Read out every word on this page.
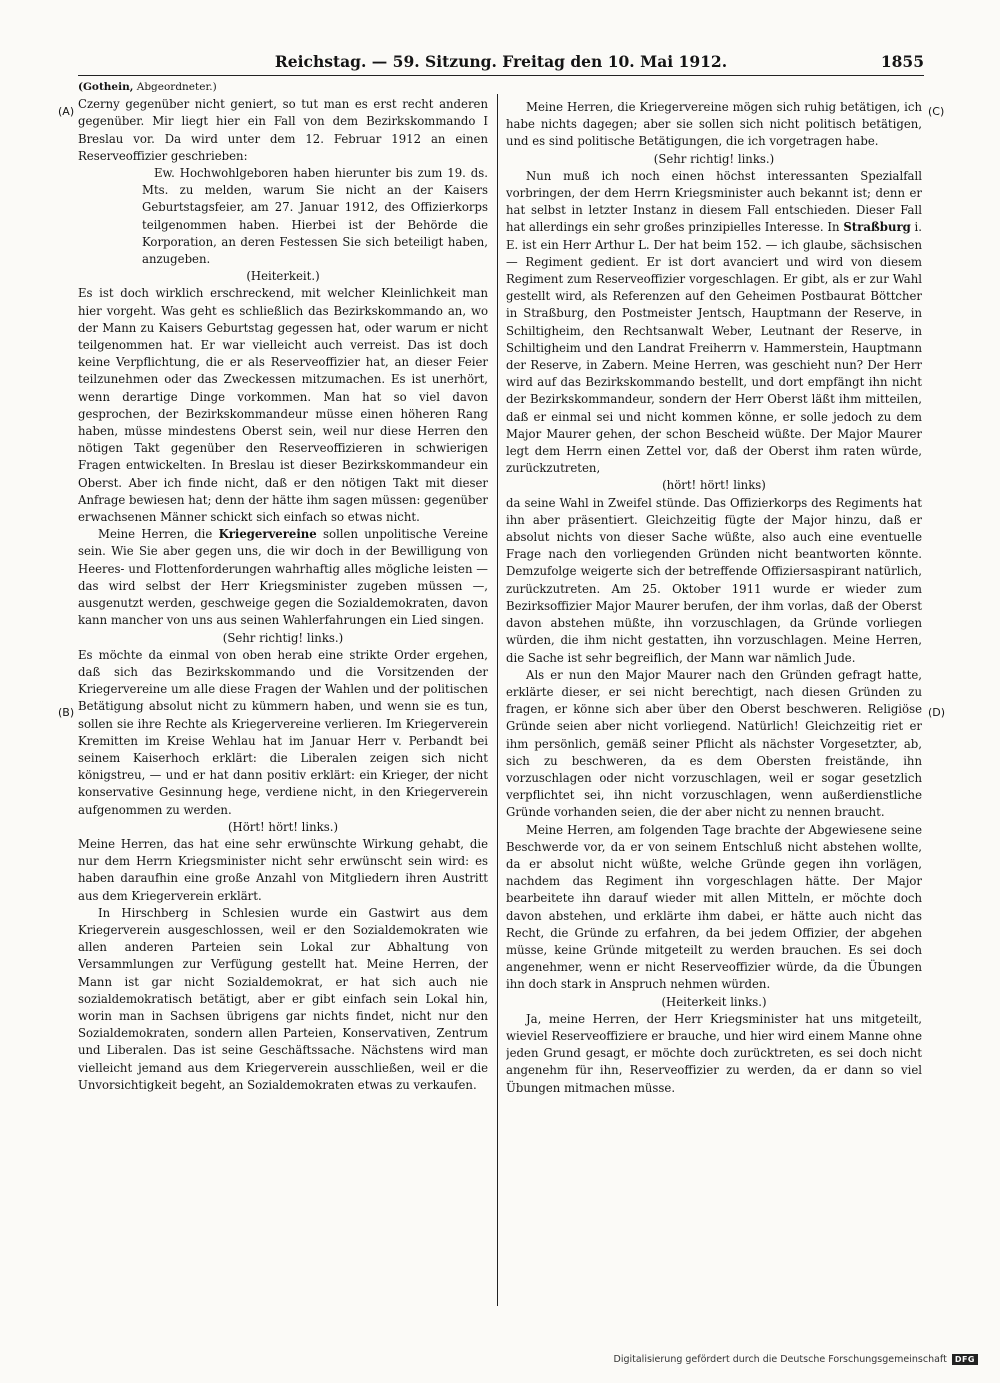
Reichstag. — 59. Sitzung. Freitag den 10. Mai 1912.	1855
(A)
(B)
(C)
(D)

(Gothein, Abgeordneter.)

Czerny gegenüber nicht geniert, so tut man es erst recht anderen gegenüber. Mir liegt hier ein Fall von dem Bezirkskommando I Breslau vor. Da wird unter dem 12. Februar 1912 an einen Reserveoffizier geschrieben:

Ew. Hochwohlgeboren haben hierunter bis zum 19. ds. Mts. zu melden, warum Sie nicht an der Kaisers Geburtstagsfeier, am 27. Januar 1912, des Offizierkorps teilgenommen haben. Hierbei ist der Behörde die Korporation, an deren Festessen Sie sich beteiligt haben, anzugeben.

(Heiterkeit.)

Es ist doch wirklich erschreckend, mit welcher Kleinlichkeit man hier vorgeht. Was geht es schließlich das Bezirkskommando an, wo der Mann zu Kaisers Geburtstag gegessen hat, oder warum er nicht teilgenommen hat. Er war vielleicht auch verreist. Das ist doch keine Verpflichtung, die er als Reserveoffizier hat, an dieser Feier teilzunehmen oder das Zweckessen mitzumachen. Es ist unerhört, wenn derartige Dinge vorkommen. Man hat so viel davon gesprochen, der Bezirkskommandeur müsse einen höheren Rang haben, müsse mindestens Oberst sein, weil nur diese Herren den nötigen Takt gegenüber den Reserveoffizieren in schwierigen Fragen entwickelten. In Breslau ist dieser Bezirkskommandeur ein Oberst. Aber ich finde nicht, daß er den nötigen Takt mit dieser Anfrage bewiesen hat; denn der hätte ihm sagen müssen: gegenüber erwachsenen Männer schickt sich einfach so etwas nicht.

Meine Herren, die Kriegervereine sollen unpolitische Vereine sein. Wie Sie aber gegen uns, die wir doch in der Bewilligung von Heeres- und Flottenforderungen wahrhaftig alles mögliche leisten — das wird selbst der Herr Kriegsminister zugeben müssen —, ausgenutzt werden, geschweige gegen die Sozialdemokraten, davon kann mancher von uns aus seinen Wahlerfahrungen ein Lied singen.

(Sehr richtig! links.)

Es möchte da einmal von oben herab eine strikte Order ergehen, daß sich das Bezirkskommando und die Vorsitzenden der Kriegervereine um alle diese Fragen der Wahlen und der politischen Betätigung absolut nicht zu kümmern haben, und wenn sie es tun, sollen sie ihre Rechte als Kriegervereine verlieren. Im Kriegerverein Kremitten im Kreise Wehlau hat im Januar Herr v. Perbandt bei seinem Kaiserhoch erklärt: die Liberalen zeigen sich nicht königstreu, — und er hat dann positiv erklärt: ein Krieger, der nicht konservative Gesinnung hege, verdiene nicht, in den Kriegerverein aufgenommen zu werden.

(Hört! hört! links.)

Meine Herren, das hat eine sehr erwünschte Wirkung gehabt, die nur dem Herrn Kriegsminister nicht sehr erwünscht sein wird: es haben daraufhin eine große Anzahl von Mitgliedern ihren Austritt aus dem Kriegerverein erklärt.

In Hirschberg in Schlesien wurde ein Gastwirt aus dem Kriegerverein ausgeschlossen, weil er den Sozialdemokraten wie allen anderen Parteien sein Lokal zur Abhaltung von Versammlungen zur Verfügung gestellt hat. Meine Herren, der Mann ist gar nicht Sozialdemokrat, er hat sich auch nie sozialdemokratisch betätigt, aber er gibt einfach sein Lokal hin, worin man in Sachsen übrigens gar nichts findet, nicht nur den Sozialdemokraten, sondern allen Parteien, Konservativen, Zentrum und Liberalen. Das ist seine Geschäftssache. Nächstens wird man vielleicht jemand aus dem Kriegerverein ausschließen, weil er die Unvorsichtigkeit begeht, an Sozialdemokraten etwas zu verkaufen.

Meine Herren, die Kriegervereine mögen sich ruhig betätigen, ich habe nichts dagegen; aber sie sollen sich nicht politisch betätigen, und es sind politische Betätigungen, die ich vorgetragen habe.

(Sehr richtig! links.)

Nun muß ich noch einen höchst interessanten Spezialfall vorbringen, der dem Herrn Kriegsminister auch bekannt ist; denn er hat selbst in letzter Instanz in diesem Fall entschieden. Dieser Fall hat allerdings ein sehr großes prinzipielles Interesse. In Straßburg i. E. ist ein Herr Arthur L. Der hat beim 152. — ich glaube, sächsischen — Regiment gedient. Er ist dort avanciert und wird von diesem Regiment zum Reserveoffizier vorgeschlagen. Er gibt, als er zur Wahl gestellt wird, als Referenzen auf den Geheimen Postbaurat Böttcher in Straßburg, den Postmeister Jentsch, Hauptmann der Reserve, in Schiltigheim, den Rechtsanwalt Weber, Leutnant der Reserve, in Schiltigheim und den Landrat Freiherrn v. Hammerstein, Hauptmann der Reserve, in Zabern. Meine Herren, was geschieht nun? Der Herr wird auf das Bezirkskommando bestellt, und dort empfängt ihn nicht der Bezirkskommandeur, sondern der Herr Oberst läßt ihm mitteilen, daß er einmal sei und nicht kommen könne, er solle jedoch zu dem Major Maurer gehen, der schon Bescheid wüßte. Der Major Maurer legt dem Herrn einen Zettel vor, daß der Oberst ihm raten würde, zurückzutreten,

(hört! hört! links)

da seine Wahl in Zweifel stünde. Das Offizierkorps des Regiments hat ihn aber präsentiert. Gleichzeitig fügte der Major hinzu, daß er absolut nichts von dieser Sache wüßte, also auch eine eventuelle Frage nach den vorliegenden Gründen nicht beantworten könnte. Demzufolge weigerte sich der betreffende Offiziersaspirant natürlich, zurückzutreten. Am 25. Oktober 1911 wurde er wieder zum Bezirksoffizier Major Maurer berufen, der ihm vorlas, daß der Oberst davon abstehen müßte, ihn vorzuschlagen, da Gründe vorliegen würden, die ihm nicht gestatten, ihn vorzuschlagen. Meine Herren, die Sache ist sehr begreiflich, der Mann war nämlich Jude.

Als er nun den Major Maurer nach den Gründen gefragt hatte, erklärte dieser, er sei nicht berechtigt, nach diesen Gründen zu fragen, er könne sich aber über den Oberst beschweren. Religiöse Gründe seien aber nicht vorliegend. Natürlich! Gleichzeitig riet er ihm persönlich, gemäß seiner Pflicht als nächster Vorgesetzter, ab, sich zu beschweren, da es dem Obersten freistände, ihn vorzuschlagen oder nicht vorzuschlagen, weil er sogar gesetzlich verpflichtet sei, ihn nicht vorzuschlagen, wenn außerdienstliche Gründe vorhanden seien, die der aber nicht zu nennen braucht.

Meine Herren, am folgenden Tage brachte der Abgewiesene seine Beschwerde vor, da er von seinem Entschluß nicht abstehen wollte, da er absolut nicht wüßte, welche Gründe gegen ihn vorlägen, nachdem das Regiment ihn vorgeschlagen hätte. Der Major bearbeitete ihn darauf wieder mit allen Mitteln, er möchte doch davon abstehen, und erklärte ihm dabei, er hätte auch nicht das Recht, die Gründe zu erfahren, da bei jedem Offizier, der abgehen müsse, keine Gründe mitgeteilt zu werden brauchen. Es sei doch angenehmer, wenn er nicht Reserveoffizier würde, da die Übungen ihn doch stark in Anspruch nehmen würden.

(Heiterkeit links.)

Ja, meine Herren, der Herr Kriegsminister hat uns mitgeteilt, wieviel Reserveoffiziere er brauche, und hier wird einem Manne ohne jeden Grund gesagt, er möchte doch zurücktreten, es sei doch nicht angenehm für ihn, Reserveoffizier zu werden, da er dann so viel Übungen mitmachen müsse.

Digitalisierung gefördert durch die Deutsche Forschungsgemeinschaft	DFG
